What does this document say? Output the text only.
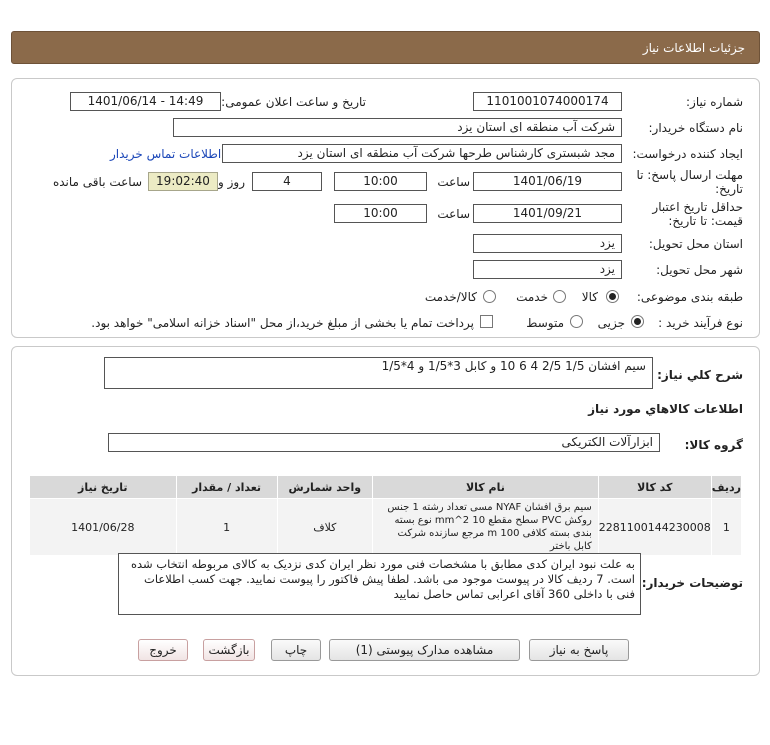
جزئیات اطلاعات نیاز
شماره نیاز:
1101001074000174
تاریخ و ساعت اعلان عمومی:
1401/06/14 - 14:49
نام دستگاه خریدار:
شرکت آب منطقه ای استان یزد
ایجاد کننده درخواست:
مجد شبستری کارشناس طرحها شرکت آب منطقه ای استان یزد
اطلاعات تماس خریدار
مهلت ارسال پاسخ: تا
تاریخ:
1401/06/19
ساعت
10:00
4
روز و
19:02:40
ساعت باقی مانده
حداقل تاریخ اعتبار
قیمت: تا تاریخ:
1401/09/21
ساعت
10:00
استان محل تحویل:
یزد
شهر محل تحویل:
یزد
طبقه بندی موضوعی:
کالا
خدمت
کالا/خدمت
نوع فرآیند خرید :
جزیی
متوسط
پرداخت تمام یا بخشی از مبلغ خرید،از محل "اسناد خزانه اسلامی" خواهد بود.
شرح کلي نياز:
سیم افشان 1/5 2/5 4 6 10 و کابل 3*1/5 و 4*1/5
اطلاعات کالاهاي مورد نياز
گروه کالا:
ابزارآلات الکتریکی
ردیف	کد کالا	نام کالا	واحد شمارش	تعداد / مقدار	تاریخ نیاز
1	2281100144230008	سیم برق افشان NYAF مسی تعداد رشته 1 جنس روکش PVC سطح مقطع 10 mm^2 نوع بسته بندی بسته کلافی 100 m مرجع سازنده شرکت کابل باختر	کلاف	1	1401/06/28
توضیحات خریدار:
به علت نبود ایران کدی مطابق با مشخصات فنی مورد نظر ایران کدی نزدیک به کالای مربوطه انتخاب شده است. 7 ردیف کالا در پیوست موجود می باشد. لطفا پیش فاکتور را پیوست نمایید. جهت کسب اطلاعات فنی با داخلی 360 آقای اعرابی تماس حاصل نمایید
پاسخ به نیاز
مشاهده مدارک پیوستی (1)
چاپ
بازگشت
خروج
